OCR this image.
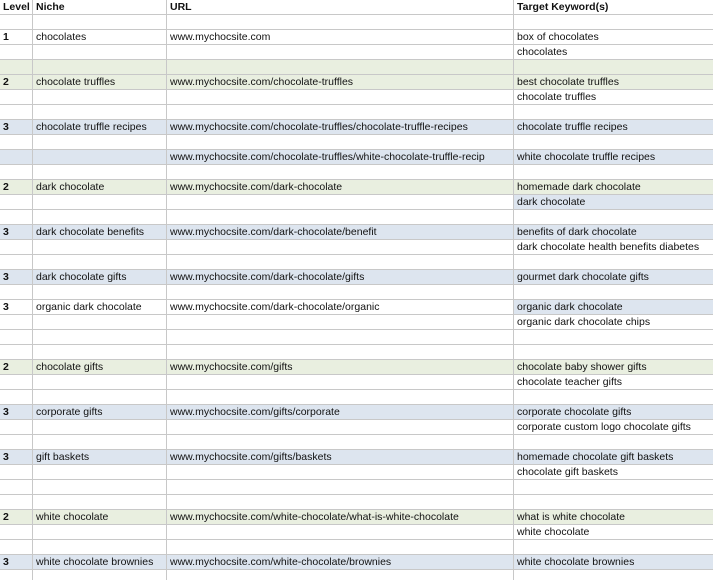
Level	Niche	URL	Target Keyword(s)

1	chocolates	www.mychocsite.com	box of chocolates
			chocolates

2	chocolate truffles	www.mychocsite.com/chocolate-truffles	best chocolate truffles
			chocolate truffles

3	chocolate truffle recipes	www.mychocsite.com/chocolate-truffles/chocolate-truffle-recipes	chocolate truffle recipes

		www.mychocsite.com/chocolate-truffles/white-chocolate-truffle-recip	white chocolate truffle recipes

2	dark chocolate	www.mychocsite.com/dark-chocolate	homemade dark chocolate
			dark chocolate

3	dark chocolate benefits	www.mychocsite.com/dark-chocolate/benefit	benefits of dark chocolate
			dark chocolate health benefits diabetes

3	dark chocolate gifts	www.mychocsite.com/dark-chocolate/gifts	gourmet dark chocolate gifts

3	organic dark chocolate	www.mychocsite.com/dark-chocolate/organic	organic dark chocolate
			organic dark chocolate chips

2	chocolate gifts	www.mychocsite.com/gifts	chocolate baby shower gifts
			chocolate teacher gifts

3	corporate gifts	www.mychocsite.com/gifts/corporate	corporate chocolate gifts
			corporate custom logo chocolate gifts

3	gift baskets	www.mychocsite.com/gifts/baskets	homemade chocolate gift baskets
			chocolate gift baskets

2	white chocolate	www.mychocsite.com/white-chocolate/what-is-white-chocolate	what is white chocolate
			white chocolate

3	white chocolate brownies	www.mychocsite.com/white-chocolate/brownies	white chocolate brownies
